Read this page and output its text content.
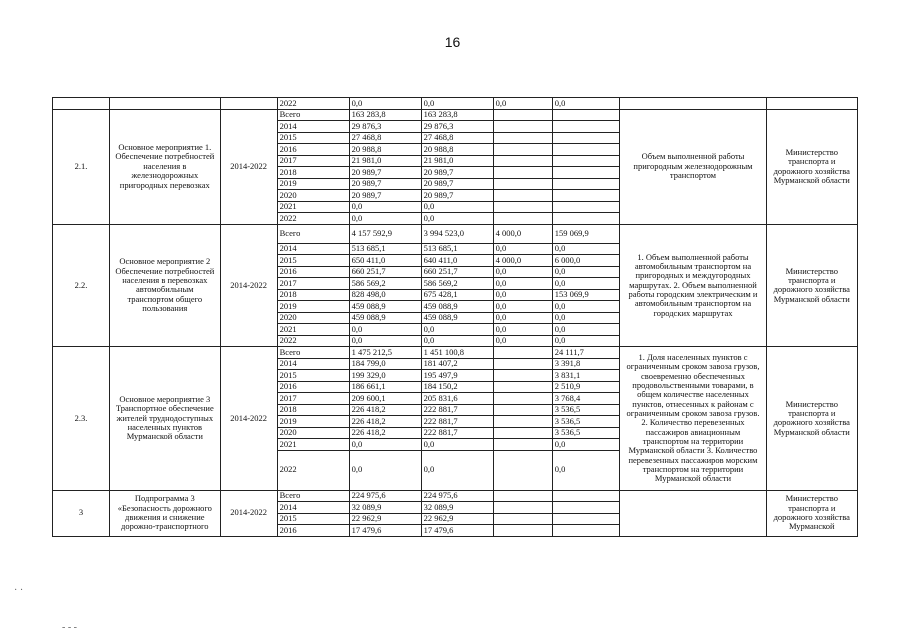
16
			2022	0,0	0,0	0,0	0,0		
2.1.	Основное мероприятие 1. Обеспечение потребностей населения в железнодорожных пригородных перевозках	2014-2022	Всего	163 283,8	163 283,8			Объем выполненной работы пригородным железнодорожным транспортом	Министерство транспорта и дорожного хозяйства Мурманской области
			2014	29 876,3	29 876,3				
			2015	27 468,8	27 468,8				
			2016	20 988,8	20 988,8				
			2017	21 981,0	21 981,0				
			2018	20 989,7	20 989,7				
			2019	20 989,7	20 989,7				
			2020	20 989,7	20 989,7				
			2021	0,0	0,0				
			2022	0,0	0,0				
2.2.	Основное мероприятие 2 Обеспечение потребностей населения в перевозках автомобильным транспортом общего пользования	2014-2022	Всего	4 157 592,9	3 994 523,0	4 000,0	159 069,9	1. Объем выполненной работы автомобильным транспортом на пригородных и междугородных маршрутах. 2. Объем выполненной работы городским электрическим и автомобильным транспортом на городских маршрутах	Министерство транспорта и дорожного хозяйства Мурманской области
			2014	513 685,1	513 685,1	0,0	0,0		
			2015	650 411,0	640 411,0	4 000,0	6 000,0		
			2016	660 251,7	660 251,7	0,0	0,0		
			2017	586 569,2	586 569,2	0,0	0,0		
			2018	828 498,0	675 428,1	0,0	153 069,9		
			2019	459 088,9	459 088,9	0,0	0,0		
			2020	459 088,9	459 088,9	0,0	0,0		
			2021	0,0	0,0	0,0	0,0		
			2022	0,0	0,0	0,0	0,0		
2.3.	Основное мероприятие 3 Транспортное обеспечение жителей труднодоступных населенных пунктов Мурманской области	2014-2022	Всего	1 475 212,5	1 451 100,8		24 111,7	1. Доля населенных пунктов с ограниченным сроком завоза грузов, своевременно обеспеченных продовольственными товарами, в общем количестве населенных пунктов, отнесенных к районам с ограниченным сроком завоза грузов. 2. Количество перевезенных пассажиров авиационным транспортом на территории Мурманской области 3. Количество перевезенных пассажиров морским транспортом на территории Мурманской области	Министерство транспорта и дорожного хозяйства Мурманской области
			2014	184 799,0	181 407,2		3 391,8		
			2015	199 329,0	195 497,9		3 831,1		
			2016	186 661,1	184 150,2		2 510,9		
			2017	209 600,1	205 831,6		3 768,4		
			2018	226 418,2	222 881,7		3 536,5		
			2019	226 418,2	222 881,7		3 536,5		
			2020	226 418,2	222 881,7		3 536,5		
			2021	0,0	0,0		0,0		
			2022	0,0	0,0		0,0		
3	Подпрограмма 3 «Безопасность дорожного движения и снижение дорожно-транспортного	2014-2022	Всего	224 975,6	224 975,6				Министерство транспорта и дорожного хозяйства Мурманской
			2014	32 089,9	32 089,9				
			2015	22 962,9	22 962,9				
			2016	17 479,6	17 479,6				
· ·
- - -
